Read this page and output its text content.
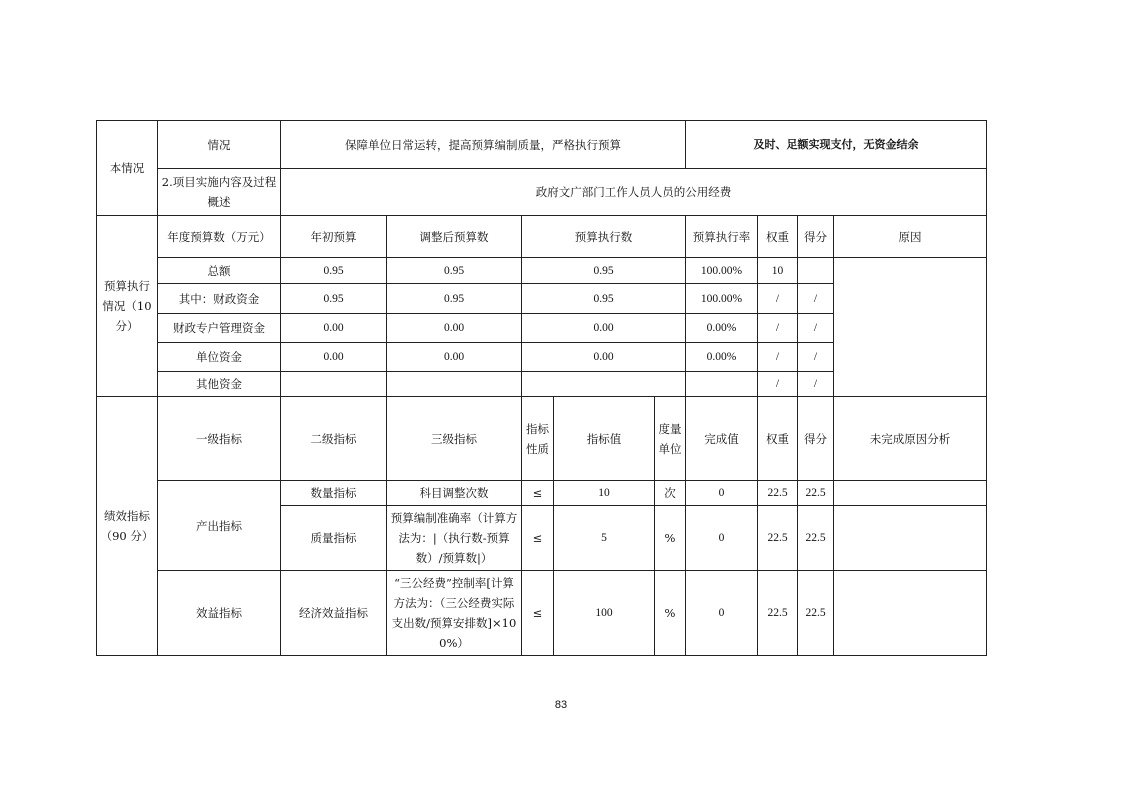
本情况	情况	保障单位日常运转，提高预算编制质量，严格执行预算					及时、足额实现支付，无资金结余			
	2.项目实施内容及过程概述	政府文广部门工作人员人员的公用经费								
预算执行情况（10 分）	年度预算数（万元）	年初预算	调整后预算数	预算执行数			预算执行率	权重	得分	原因
	总额	0.95	0.95	0.95			100.00%	10		
	其中：财政资金	0.95	0.95	0.95			100.00%	/	/	
	财政专户管理资金	0.00	0.00	0.00			0.00%	/	/	
	单位资金	0.00	0.00	0.00			0.00%	/	/	
	其他资金							/	/	
绩效指标（90 分）	一级指标	二级指标	三级指标	指标性质	指标值	度量单位	完成值	权重	得分	未完成原因分析
	产出指标	数量指标	科目调整次数	≤	10	次	0	22.5	22.5	
		质量指标	预算编制准确率（计算方法为：|（执行数-预算数）/预算数|）	≤	5	%	0	22.5	22.5	
	效益指标	经济效益指标	“三公经费”控制率[计算方法为：（三公经费实际支出数/预算安排数]×100%）	≤	100	%	0	22.5	22.5	
83
